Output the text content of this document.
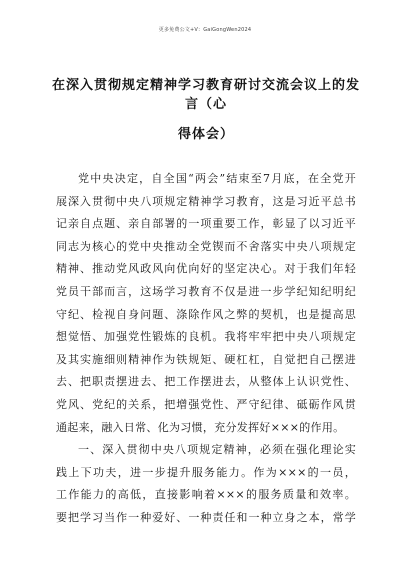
更多免费公文+V：GaiGongWen2024
在深入贯彻规定精神学习教育研讨交流会议上的发言（心
得体会）

党中央决定，自全国“两会”结束至7月底，在全党开

展深入贯彻中央八项规定精神学习教育，这是习近平总书

记亲自点题、亲自部署的一项重要工作，彰显了以习近平

同志为核心的党中央推动全党锲而不舍落实中央八项规定

精神、推动党风政风向优向好的坚定决心。对于我们年轻

党员干部而言，这场学习教育不仅是进一步学纪知纪明纪

守纪、检视自身问题、涤除作风之弊的契机，也是提高思

想觉悟、加强党性锻炼的良机。我将牢牢把中央八项规定

及其实施细则精神作为铁规矩、硬杠杠，自觉把自己摆进

去、把职责摆进去、把工作摆进去，从整体上认识党性、

党风、党纪的关系，把增强党性、严守纪律、砥砺作风贯

通起来，融入日常、化为习惯，充分发挥好×××的作用。

一、深入贯彻中央八项规定精神，必须在强化理论实

践上下功夫，进一步提升服务能力。作为×××的一员，

工作能力的高低，直接影响着×××的服务质量和效率。

要把学习当作一种爱好、一种责任和一种立身之本，常学
